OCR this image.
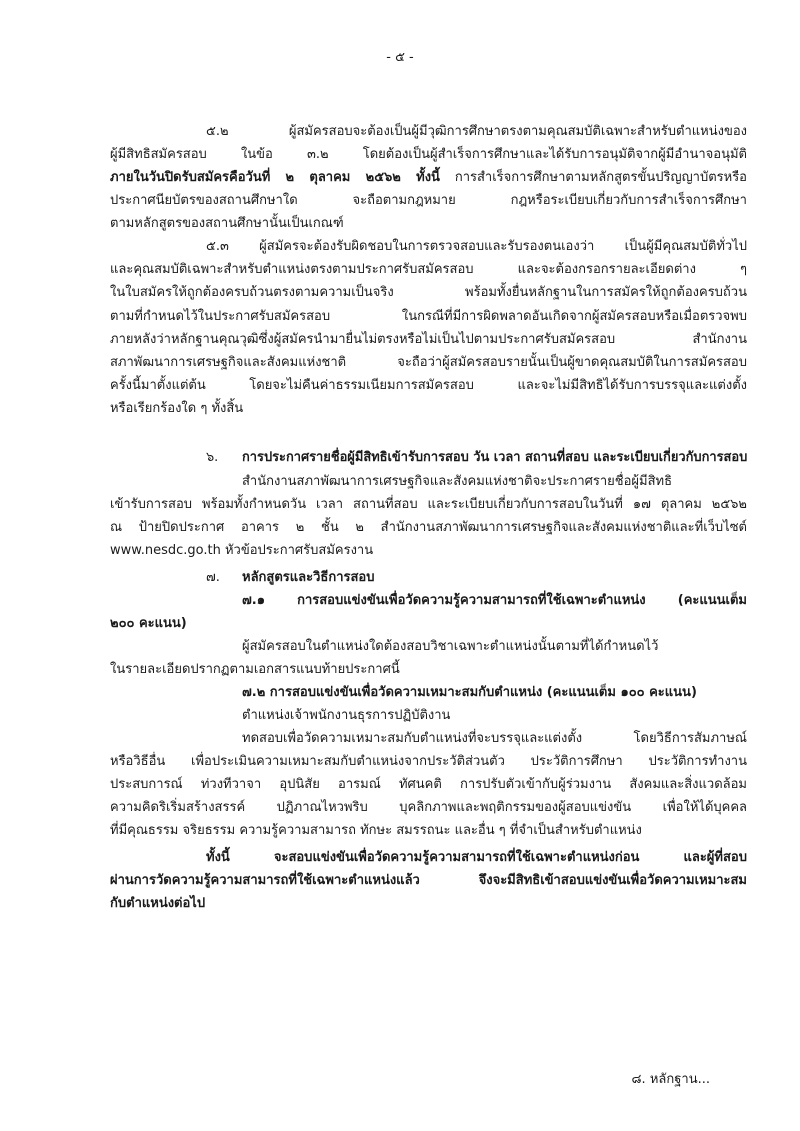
- ๕ -
๕.๒ ผู้สมัครสอบจะต้องเป็นผู้มีวุฒิการศึกษาตรงตามคุณสมบัติเฉพาะสำหรับตำแหน่งของ
ผู้มีสิทธิสมัครสอบ ในข้อ ๓.๒ โดยต้องเป็นผู้สำเร็จการศึกษาและได้รับการอนุมัติจากผู้มีอำนาจอนุมัติ
ภายในวันปิดรับสมัครคือวันที่ ๒ ตุลาคม ๒๕๖๒ ทั้งนี้ การสำเร็จการศึกษาตามหลักสูตรขั้นปริญญาบัตรหรือ
ประกาศนียบัตรของสถานศึกษาใด จะถือตามกฎหมาย กฎหรือระเบียบเกี่ยวกับการสำเร็จการศึกษา
ตามหลักสูตรของสถานศึกษานั้นเป็นเกณฑ์
๕.๓ ผู้สมัครจะต้องรับผิดชอบในการตรวจสอบและรับรองตนเองว่า เป็นผู้มีคุณสมบัติทั่วไป
และคุณสมบัติเฉพาะสำหรับตำแหน่งตรงตามประกาศรับสมัครสอบ และจะต้องกรอกรายละเอียดต่าง ๆ
ในใบสมัครให้ถูกต้องครบถ้วนตรงตามความเป็นจริง พร้อมทั้งยื่นหลักฐานในการสมัครให้ถูกต้องครบถ้วน
ตามที่กำหนดไว้ในประกาศรับสมัครสอบ ในกรณีที่มีการผิดพลาดอันเกิดจากผู้สมัครสอบหรือเมื่อตรวจพบ
ภายหลังว่าหลักฐานคุณวุฒิซึ่งผู้สมัครนำมายื่นไม่ตรงหรือไม่เป็นไปตามประกาศรับสมัครสอบ สำนักงาน
สภาพัฒนาการเศรษฐกิจและสังคมแห่งชาติ จะถือว่าผู้สมัครสอบรายนั้นเป็นผู้ขาดคุณสมบัติในการสมัครสอบ
ครั้งนี้มาตั้งแต่ต้น โดยจะไม่คืนค่าธรรมเนียมการสมัครสอบ และจะไม่มีสิทธิได้รับการบรรจุและแต่งตั้ง
หรือเรียกร้องใด ๆ ทั้งสิ้น
๖. การประกาศรายชื่อผู้มีสิทธิเข้ารับการสอบ วัน เวลา สถานที่สอบ และระเบียบเกี่ยวกับการสอบ
สำนักงานสภาพัฒนาการเศรษฐกิจและสังคมแห่งชาติจะประกาศรายชื่อผู้มีสิทธิ
เข้ารับการสอบ พร้อมทั้งกำหนดวัน เวลา สถานที่สอบ และระเบียบเกี่ยวกับการสอบในวันที่ ๑๗ ตุลาคม ๒๕๖๒
ณ ป้ายปิดประกาศ อาคาร ๒ ชั้น ๒ สำนักงานสภาพัฒนาการเศรษฐกิจและสังคมแห่งชาติและที่เว็บไซต์
www.nesdc.go.th หัวข้อประกาศรับสมัครงาน
๗. หลักสูตรและวิธีการสอบ
๗.๑ การสอบแข่งขันเพื่อวัดความรู้ความสามารถที่ใช้เฉพาะตำแหน่ง (คะแนนเต็ม
๒๐๐ คะแนน)
ผู้สมัครสอบในตำแหน่งใดต้องสอบวิชาเฉพาะตำแหน่งนั้นตามที่ได้กำหนดไว้
ในรายละเอียดปรากฏตามเอกสารแนบท้ายประกาศนี้
๗.๒ การสอบแข่งขันเพื่อวัดความเหมาะสมกับตำแหน่ง (คะแนนเต็ม ๑๐๐ คะแนน)
ตำแหน่งเจ้าพนักงานธุรการปฏิบัติงาน
ทดสอบเพื่อวัดความเหมาะสมกับตำแหน่งที่จะบรรจุและแต่งตั้ง โดยวิธีการสัมภาษณ์
หรือวิธีอื่น เพื่อประเมินความเหมาะสมกับตำแหน่งจากประวัติส่วนตัว ประวัติการศึกษา ประวัติการทำงาน
ประสบการณ์ ท่วงทีวาจา อุปนิสัย อารมณ์ ทัศนคติ การปรับตัวเข้ากับผู้ร่วมงาน สังคมและสิ่งแวดล้อม
ความคิดริเริ่มสร้างสรรค์ ปฏิภาณไหวพริบ บุคลิกภาพและพฤติกรรมของผู้สอบแข่งขัน เพื่อให้ได้บุคคล
ที่มีคุณธรรม จริยธรรม ความรู้ความสามารถ ทักษะ สมรรถนะ และอื่น ๆ ที่จำเป็นสำหรับตำแหน่ง
ทั้งนี้ จะสอบแข่งขันเพื่อวัดความรู้ความสามารถที่ใช้เฉพาะตำแหน่งก่อน และผู้ที่สอบ
ผ่านการวัดความรู้ความสามารถที่ใช้เฉพาะตำแหน่งแล้ว จึงจะมีสิทธิเข้าสอบแข่งขันเพื่อวัดความเหมาะสม
กับตำแหน่งต่อไป
๘. หลักฐาน...
